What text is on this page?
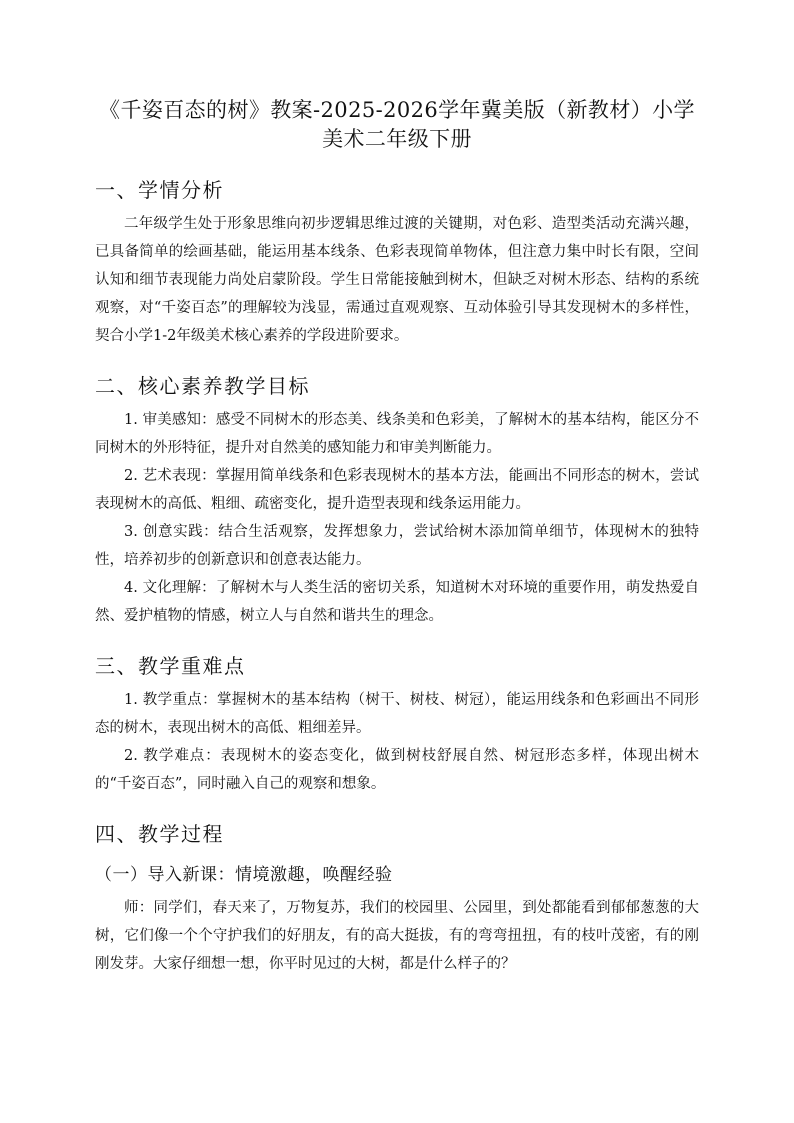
《千姿百态的树》教案-2025-2026学年冀美版（新教材）小学美术二年级下册
一、学情分析

二年级学生处于形象思维向初步逻辑思维过渡的关键期，对色彩、造型类活动充满兴趣，已具备简单的绘画基础，能运用基本线条、色彩表现简单物体，但注意力集中时长有限，空间认知和细节表现能力尚处启蒙阶段。学生日常能接触到树木，但缺乏对树木形态、结构的系统观察，对“千姿百态”的理解较为浅显，需通过直观观察、互动体验引导其发现树木的多样性，契合小学1-2年级美术核心素养的学段进阶要求。

二、核心素养教学目标

1. 审美感知：感受不同树木的形态美、线条美和色彩美，了解树木的基本结构，能区分不同树木的外形特征，提升对自然美的感知能力和审美判断能力。

2. 艺术表现：掌握用简单线条和色彩表现树木的基本方法，能画出不同形态的树木，尝试表现树木的高低、粗细、疏密变化，提升造型表现和线条运用能力。

3. 创意实践：结合生活观察，发挥想象力，尝试给树木添加简单细节，体现树木的独特性，培养初步的创新意识和创意表达能力。

4. 文化理解：了解树木与人类生活的密切关系，知道树木对环境的重要作用，萌发热爱自然、爱护植物的情感，树立人与自然和谐共生的理念。

三、教学重难点

1. 教学重点：掌握树木的基本结构（树干、树枝、树冠），能运用线条和色彩画出不同形态的树木，表现出树木的高低、粗细差异。

2. 教学难点：表现树木的姿态变化，做到树枝舒展自然、树冠形态多样，体现出树木的“千姿百态”，同时融入自己的观察和想象。

四、教学过程
（一）导入新课：情境激趣，唤醒经验

师：同学们，春天来了，万物复苏，我们的校园里、公园里，到处都能看到郁郁葱葱的大树，它们像一个个守护我们的好朋友，有的高大挺拔，有的弯弯扭扭，有的枝叶茂密，有的刚刚发芽。大家仔细想一想，你平时见过的大树，都是什么样子的？
